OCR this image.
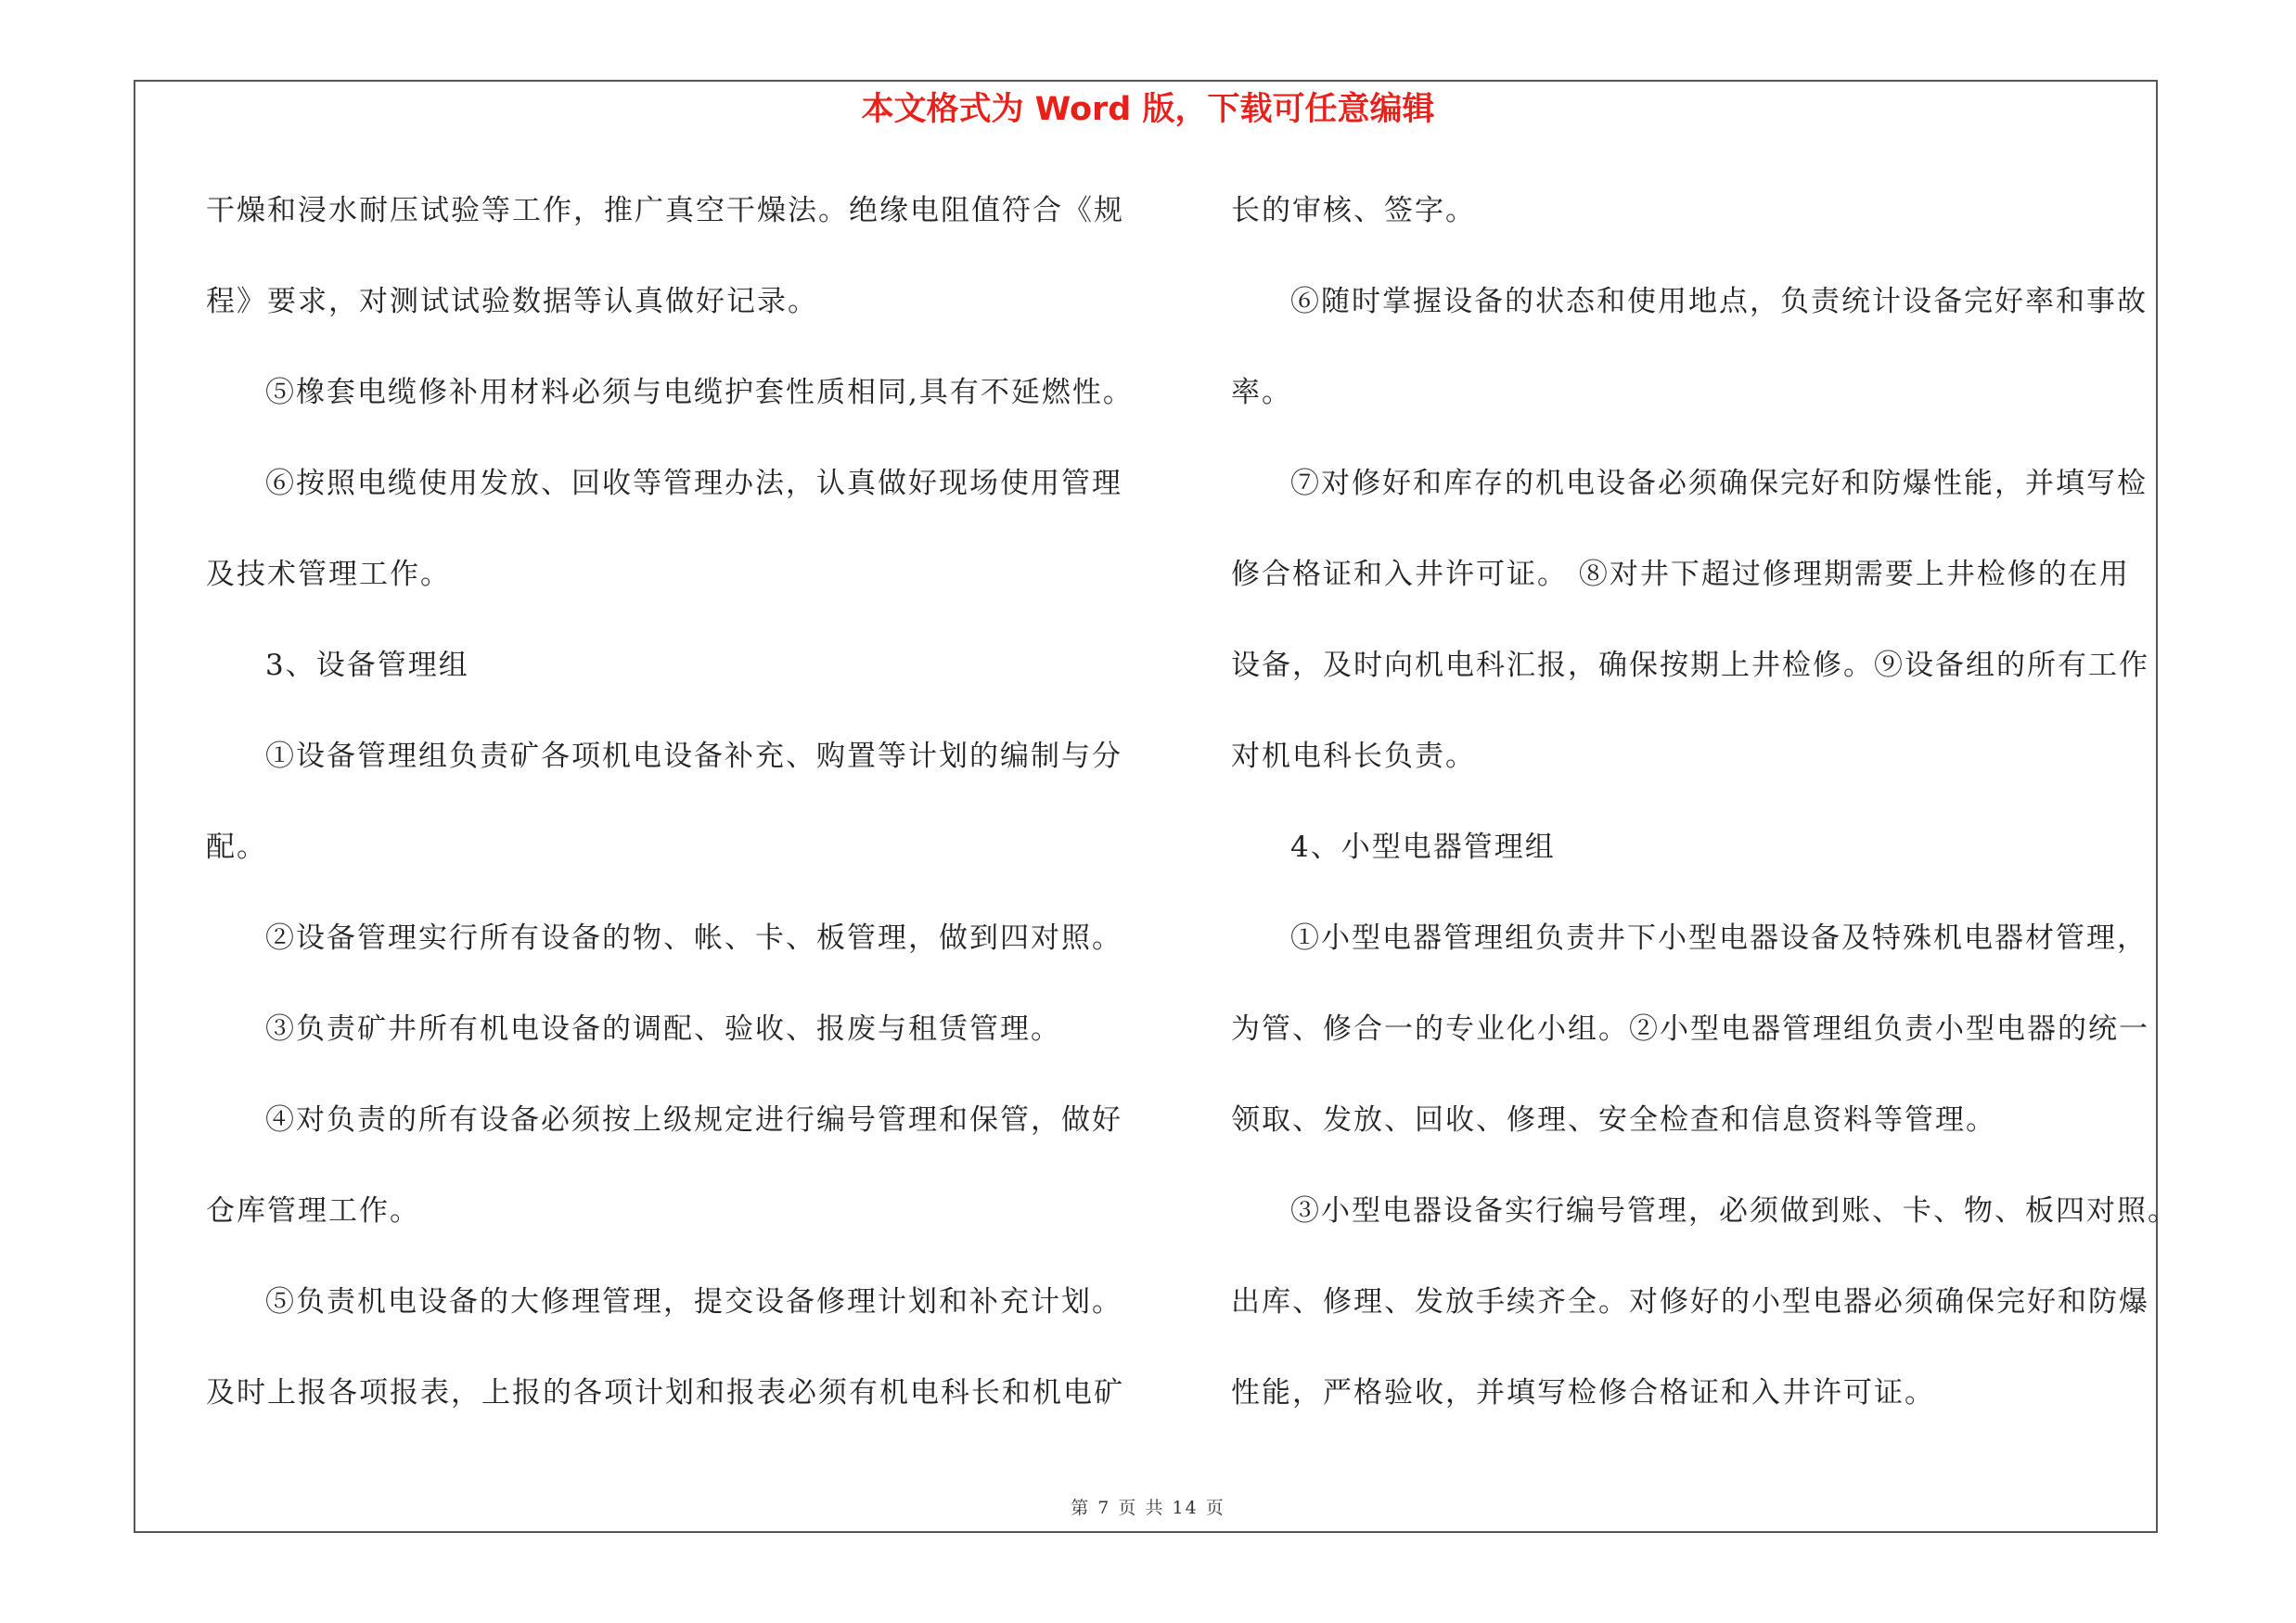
本文格式为 Word 版，下载可任意编辑
干燥和浸水耐压试验等工作，推广真空干燥法。绝缘电阻值符合《规
程》要求，对测试试验数据等认真做好记录。
⑤橡套电缆修补用材料必须与电缆护套性质相同,具有不延燃性。
⑥按照电缆使用发放、回收等管理办法，认真做好现场使用管理
及技术管理工作。
3、设备管理组
①设备管理组负责矿各项机电设备补充、购置等计划的编制与分
配。
②设备管理实行所有设备的物、帐、卡、板管理，做到四对照。
③负责矿井所有机电设备的调配、验收、报废与租赁管理。
④对负责的所有设备必须按上级规定进行编号管理和保管，做好
仓库管理工作。
⑤负责机电设备的大修理管理，提交设备修理计划和补充计划。
及时上报各项报表，上报的各项计划和报表必须有机电科长和机电矿
长的审核、签字。
⑥随时掌握设备的状态和使用地点，负责统计设备完好率和事故
率。
⑦对修好和库存的机电设备必须确保完好和防爆性能，并填写检
修合格证和入井许可证。 ⑧对井下超过修理期需要上井检修的在用
设备，及时向机电科汇报，确保按期上井检修。⑨设备组的所有工作
对机电科长负责。
4、小型电器管理组
①小型电器管理组负责井下小型电器设备及特殊机电器材管理，
为管、修合一的专业化小组。②小型电器管理组负责小型电器的统一
领取、发放、回收、修理、安全检查和信息资料等管理。
③小型电器设备实行编号管理，必须做到账、卡、物、板四对照。
出库、修理、发放手续齐全。对修好的小型电器必须确保完好和防爆
性能，严格验收，并填写检修合格证和入井许可证。
第 7 页 共 14 页
